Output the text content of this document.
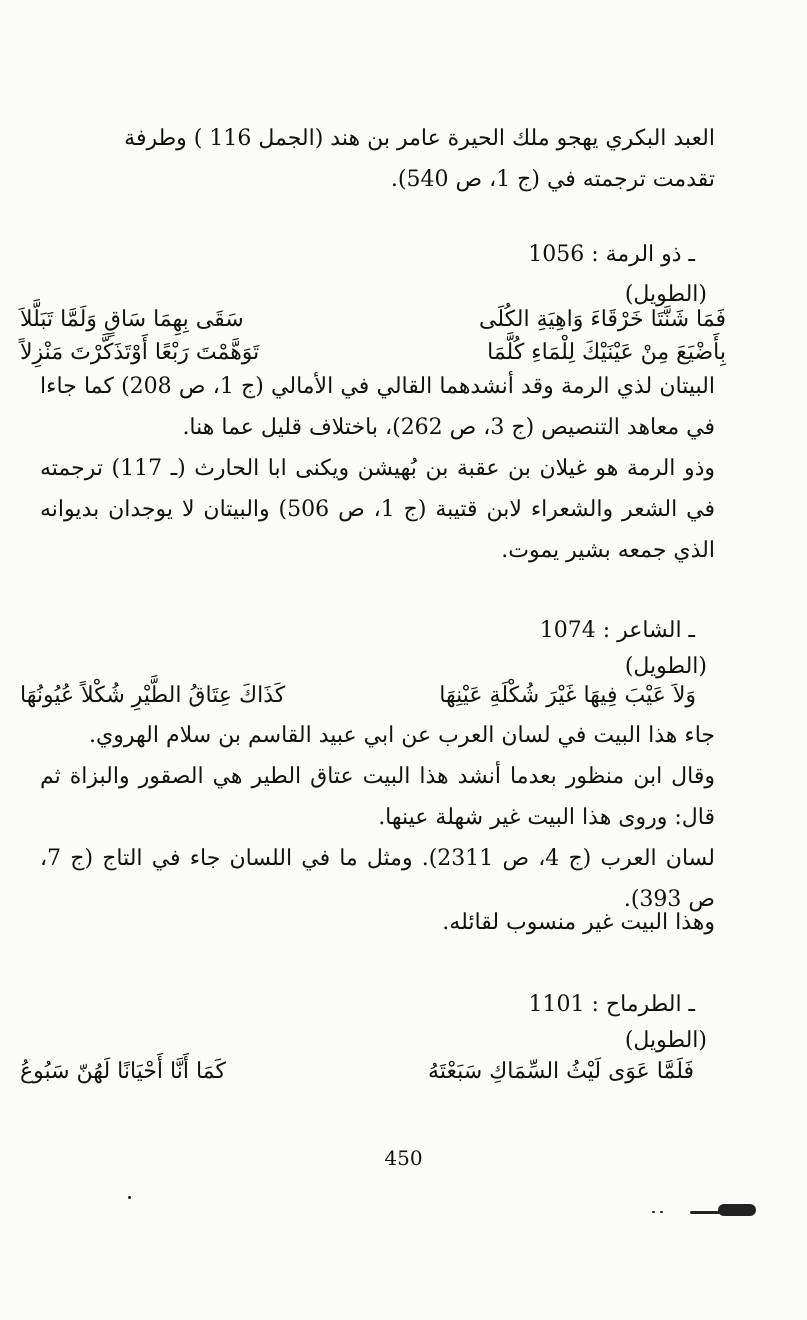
العبد البكري يهجو ملك الحيرة عامر بن هند (الجمل 116 ) وطرفة
تقدمت ترجمته في (ج 1، ص 540).
ـ ذو الرمة : 1056
(الطويل)
فَمَا شَنَّتَا خَرْقَاءَ وَاهِيَةِ الكُلَى
سَقَى بِهِمَا سَاقٍ وَلَمَّا تَبَلَّلاَ
بِأَضْيَعَ مِنْ عَيْنَيْكَ لِلْمَاءِ كُلَّمَا
تَوَهَّمْتَ رَبْعًا أَوْتَذَكَّرْتَ مَنْزِلاً
البيتان لذي الرمة وقد أنشدهما القالي في الأمالي (ج 1، ص 208) كما جاءا في معاهد التنصيص (ج 3، ص 262)، باختلاف قليل عما هنا.
وذو الرمة هو غيلان بن عقبة بن بُهيشن ويكنى ابا الحارث (ـ 117) ترجمته في الشعر والشعراء لابن قتيبة (ج 1، ص 506) والبيتان لا يوجدان بديوانه الذي جمعه بشير يموت.
ـ الشاعر : 1074
(الطويل)
وَلاَ عَيْبَ فِيهَا غَيْرَ شُكْلَةِ عَيْنِهَا
كَذَاكَ عِتَاقُ الطَّيْرِ شُكْلاً عُيُونُهَا
جاء هذا البيت في لسان العرب عن ابي عبيد القاسم بن سلام الهروي.
وقال ابن منظور بعدما أنشد هذا البيت عتاق الطير هي الصقور والبزاة ثم قال: وروى هذا البيت غير شهلة عينها.
لسان العرب (ج 4، ص 2311). ومثل ما في اللسان جاء في التاج (ج 7، ص 393).
وهذا البيت غير منسوب لقائله.
ـ الطرماح : 1101
(الطويل)
فَلَمَّا عَوَى لَيْثُ السِّمَاكِ سَبَعْتَهُ
كَمَا أَنَّا أَحْيَانًا لَهُنّ سَبُوعُ
450
